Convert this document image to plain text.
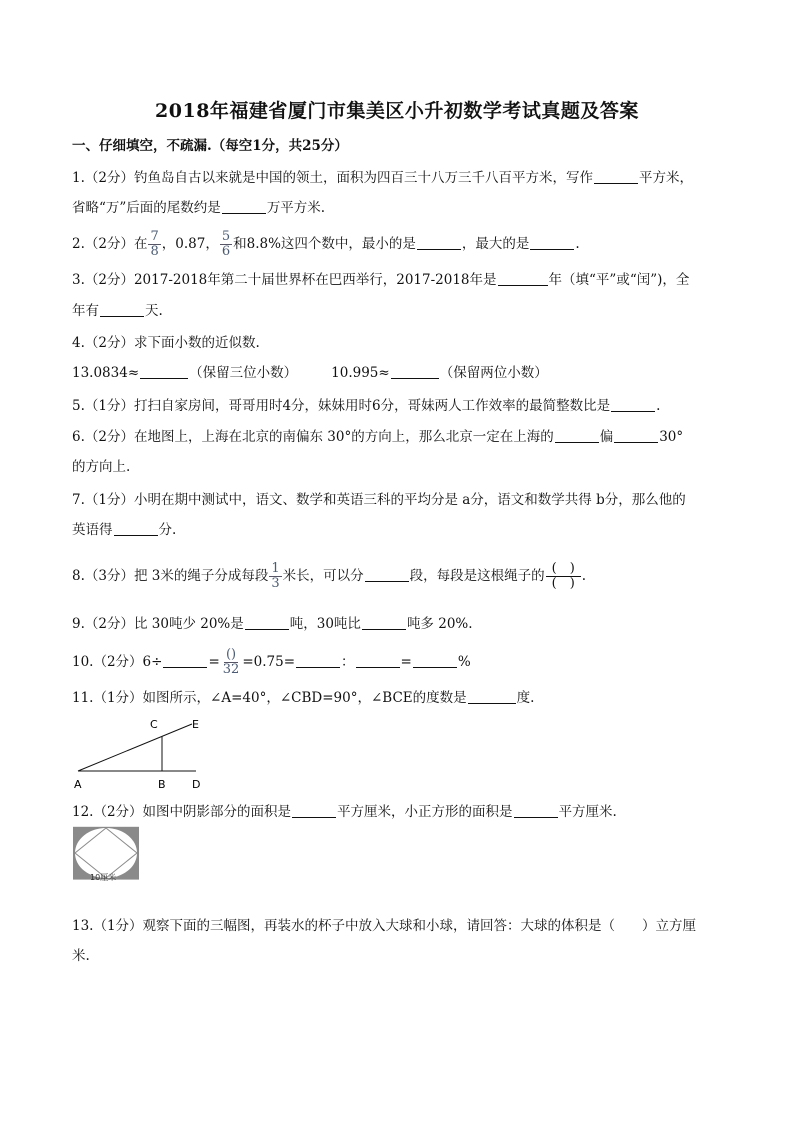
2018年福建省厦门市集美区小升初数学考试真题及答案
一、仔细填空，不疏漏.（每空1分，共25分）
1.（2分）钓鱼岛自古以来就是中国的领土，面积为四百三十八万三千八百平方米，写作	平方米，
省略“万”后面的尾数约是	万平方米.
2.（2分）在 $\frac{7}{8}$ ，0.87， $\frac{5}{6}$ 和8.8%这四个数中，最小的是	，最大的是	.
3.（2分）2017-2018年第二十届世界杯在巴西举行，2017-2018年是	年（填“平”或“闰”)，全
年有	天.
4.（2分）求下面小数的近似数.
13.0834≈	（保留三位小数）	10.995≈	（保留两位小数）
5.（1分）打扫自家房间，哥哥用时4分，妹妹用时6分，哥妹两人工作效率的最简整数比是	.
6.（2分）在地图上，上海在北京的南偏东 30°的方向上，那么北京一定在上海的	偏	30°
的方向上.
7.（1分）小明在期中测试中，语文、数学和英语三科的平均分是 a分，语文和数学共得 b分，那么他的
英语得	分.
8.（3分）把 3米的绳子分成每段 $\frac{1}{3}$ 米长，可以分	段，每段是这根绳子的 $\frac{( )}{( )}$ .
9.（2分）比 30吨少 20%是	吨，30吨比	吨多 20%.
10.（2分）6÷	= $\frac{()}{32} =0.75=$	：	=	%
11.（1分）如图所示，∠A=40°，∠CBD=90°，∠BCE的度数是	度.
A	B
C
D
E
12.（2分）如图中阴影部分的面积是	平方厘米，小正方形的面积是	平方厘米.
10厘米
13.（1分）观察下面的三幅图，再装水的杯子中放入大球和小球，请回答：大球的体积是（　　）立方厘
米.
